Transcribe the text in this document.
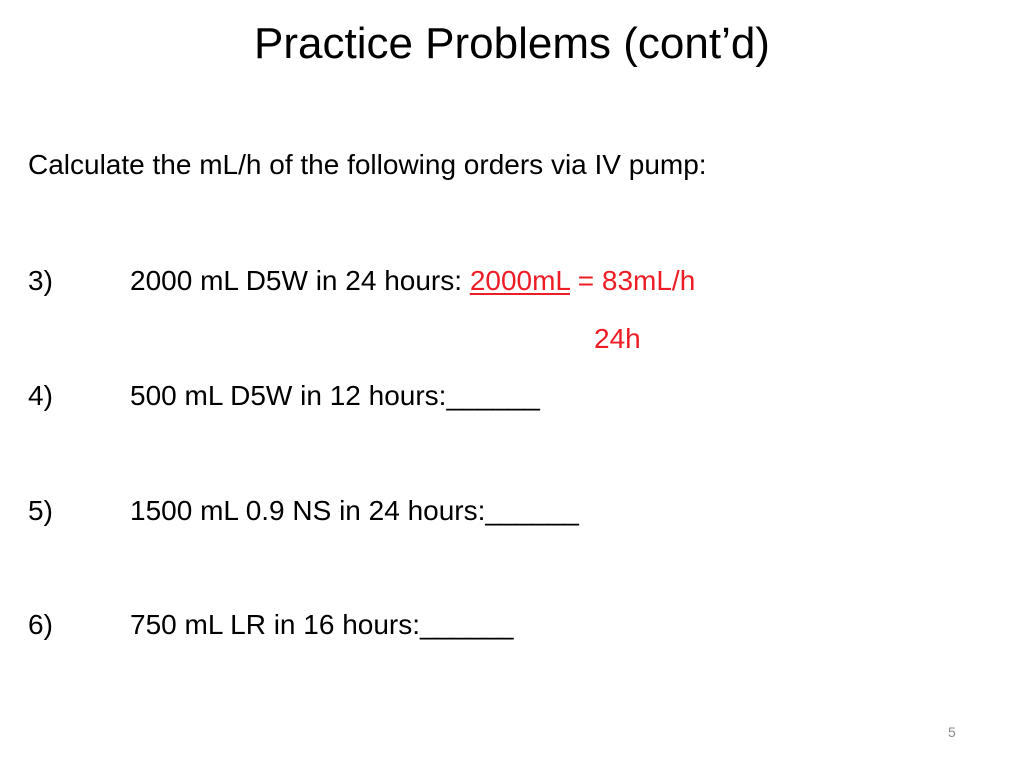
Practice Problems (cont’d)
Calculate the mL/h of the following orders via IV pump:
3)	2000 mL D5W in 24 hours: 2000mL = 83mL/h
24h
4)	500 mL D5W in 12 hours:______
5)	1500 mL 0.9 NS in 24 hours:______
6)	750 mL LR in 16 hours:______
5
